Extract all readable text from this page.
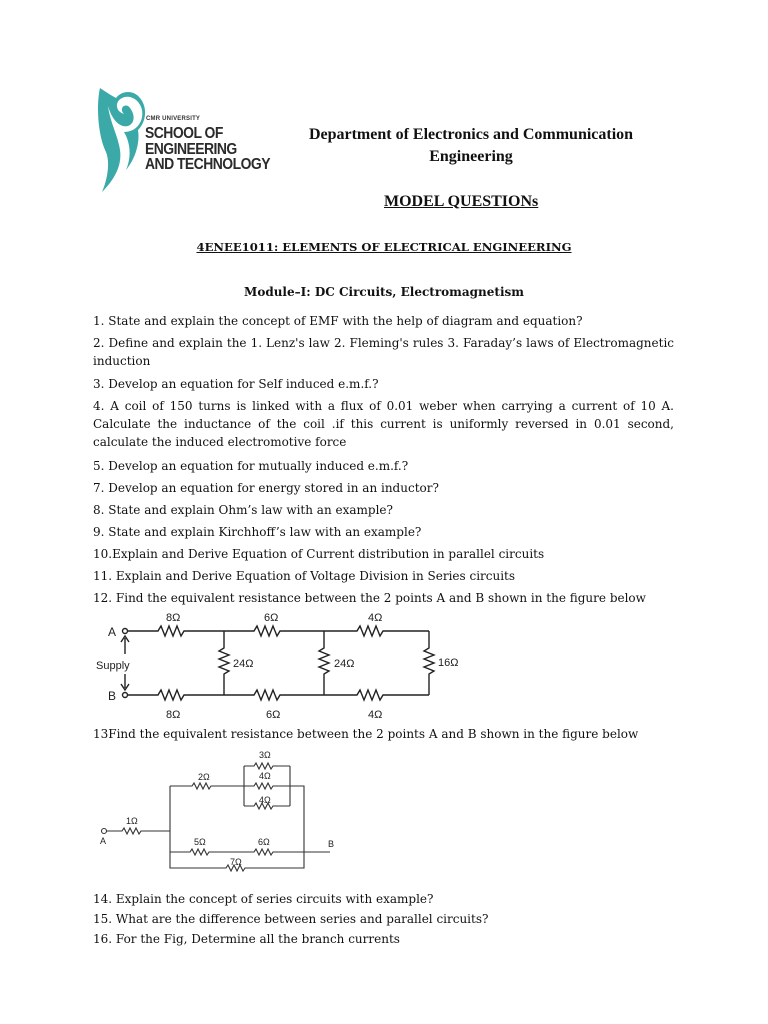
CMR UNIVERSITY
SCHOOL OF
ENGINEERING
AND TECHNOLOGY
Department of Electronics and Communication Engineering
MODEL QUESTIONs
4ENEE1011: ELEMENTS OF ELECTRICAL ENGINEERING
Module–I: DC Circuits, Electromagnetism
1. State and explain the concept of EMF with the help of diagram and equation?
2. Define and explain the 1. Lenz's law 2. Fleming's rules 3. Faraday’s laws of Electromagnetic induction
3. Develop an equation for Self induced e.m.f.?
4. A coil of 150 turns is linked with a flux of 0.01 weber when carrying a current of 10 A. Calculate the inductance of the coil .if this current is uniformly reversed in 0.01 second, calculate the induced electromotive force
5. Develop an equation for mutually induced e.m.f.?
7. Develop an equation for energy stored in an inductor?
8. State and explain Ohm’s law with an example?
9. State and explain Kirchhoff’s law with an example?
10.Explain and Derive Equation of Current distribution in parallel circuits
11. Explain and Derive Equation of Voltage Division in Series circuits
12. Find the equivalent resistance between the 2 points A and B shown in the figure below
A
B
Supply
8Ω	6Ω	4Ω
8Ω	6Ω	4Ω
24Ω	24Ω	16Ω
13Find the equivalent resistance between the 2 points A and B shown in the figure below
A	B
1Ω
2Ω
3Ω
4Ω
4Ω
5Ω	6Ω
7Ω
14. Explain the concept of series circuits with example?
15. What are the difference between series and parallel circuits?
16. For the Fig, Determine all the branch currents
